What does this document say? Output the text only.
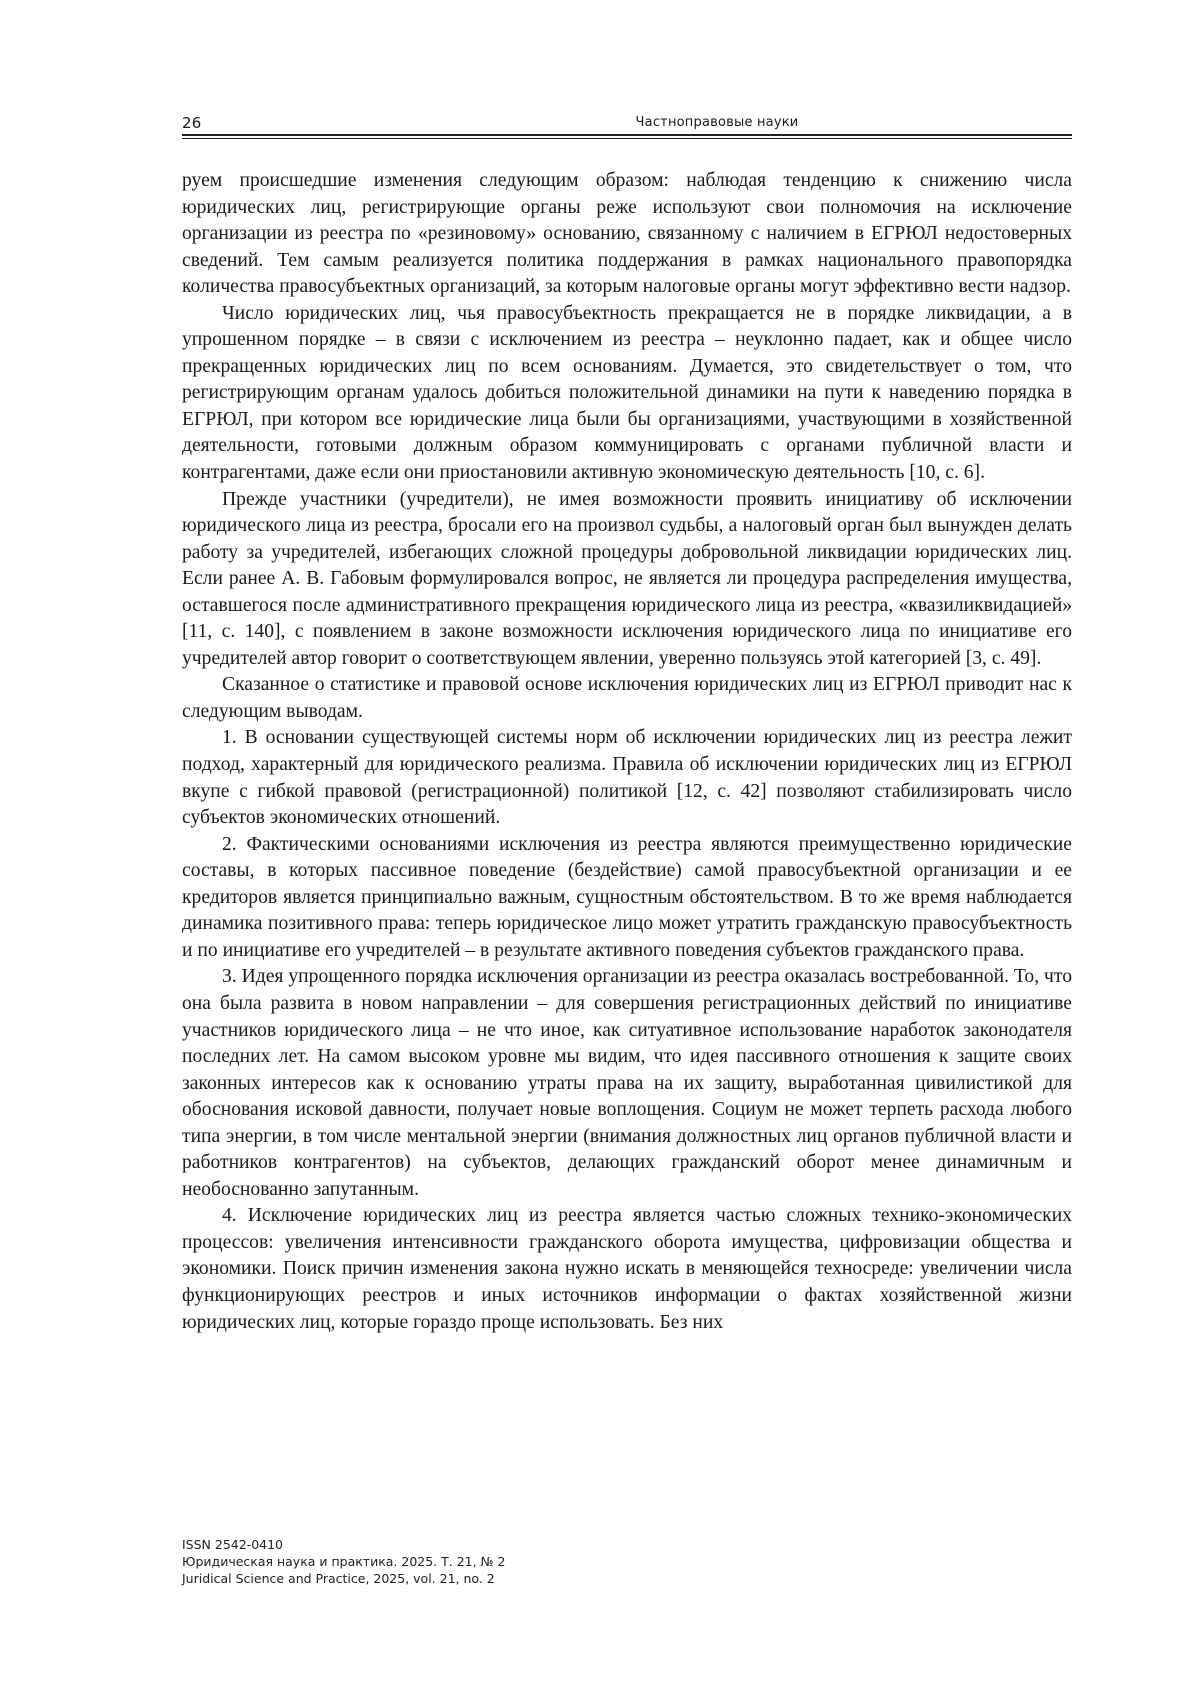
26	Частноправовые науки

руем происшедшие изменения следующим образом: наблюдая тенденцию к снижению числа юридических лиц, регистрирующие органы реже используют свои полномочия на исключение организации из реестра по «резиновому» основанию, связанному с наличием в ЕГРЮЛ недостоверных сведений. Тем самым реализуется политика поддержания в рамках национального правопорядка количества правосубъектных организаций, за которым налоговые органы могут эффективно вести надзор.

Число юридических лиц, чья правосубъектность прекращается не в порядке ликвидации, а в упрошенном порядке – в связи с исключением из реестра – неуклонно падает, как и общее число прекращенных юридических лиц по всем основаниям. Думается, это свидетельствует о том, что регистрирующим органам удалось добиться положительной динамики на пути к наведению порядка в ЕГРЮЛ, при котором все юридические лица были бы организациями, участвующими в хозяйственной деятельности, готовыми должным образом коммуницировать с органами публичной власти и контрагентами, даже если они приостановили активную экономическую деятельность [10, с. 6].

Прежде участники (учредители), не имея возможности проявить инициативу об исключении юридического лица из реестра, бросали его на произвол судьбы, а налоговый орган был вынужден делать работу за учредителей, избегающих сложной процедуры добровольной ликвидации юридических лиц. Если ранее А. В. Габовым формулировался вопрос, не является ли процедура распределения имущества, оставшегося после административного прекращения юридического лица из реестра, «квазиликвидацией» [11, с. 140], с появлением в законе возможности исключения юридического лица по инициативе его учредителей автор говорит о соответствующем явлении, уверенно пользуясь этой категорией [3, с. 49].

Сказанное о статистике и правовой основе исключения юридических лиц из ЕГРЮЛ приводит нас к следующим выводам.

1. В основании существующей системы норм об исключении юридических лиц из реестра лежит подход, характерный для юридического реализма. Правила об исключении юридических лиц из ЕГРЮЛ вкупе с гибкой правовой (регистрационной) политикой [12, с. 42] позволяют стабилизировать число субъектов экономических отношений.

2. Фактическими основаниями исключения из реестра являются преимущественно юридические составы, в которых пассивное поведение (бездействие) самой правосубъектной организации и ее кредиторов является принципиально важным, сущностным обстоятельством. В то же время наблюдается динамика позитивного права: теперь юридическое лицо может утратить гражданскую правосубъектность и по инициативе его учредителей – в результате активного поведения субъектов гражданского права.

3. Идея упрощенного порядка исключения организации из реестра оказалась востребованной. То, что она была развита в новом направлении – для совершения регистрационных действий по инициативе участников юридического лица – не что иное, как ситуативное использование наработок законодателя последних лет. На самом высоком уровне мы видим, что идея пассивного отношения к защите своих законных интересов как к основанию утраты права на их защиту, выработанная цивилистикой для обоснования исковой давности, получает новые воплощения. Социум не может терпеть расхода любого типа энергии, в том числе ментальной энергии (внимания должностных лиц органов публичной власти и работников контрагентов) на субъектов, делающих гражданский оборот менее динамичным и необоснованно запутанным.

4. Исключение юридических лиц из реестра является частью сложных технико-экономических процессов: увеличения интенсивности гражданского оборота имущества, цифровизации общества и экономики. Поиск причин изменения закона нужно искать в меняющейся техносреде: увеличении числа функционирующих реестров и иных источников информации о фактах хозяйственной жизни юридических лиц, которые гораздо проще использовать. Без них

ISSN 2542-0410
Юридическая наука и практика. 2025. Т. 21, № 2
Juridical Science and Practice, 2025, vol. 21, no. 2
